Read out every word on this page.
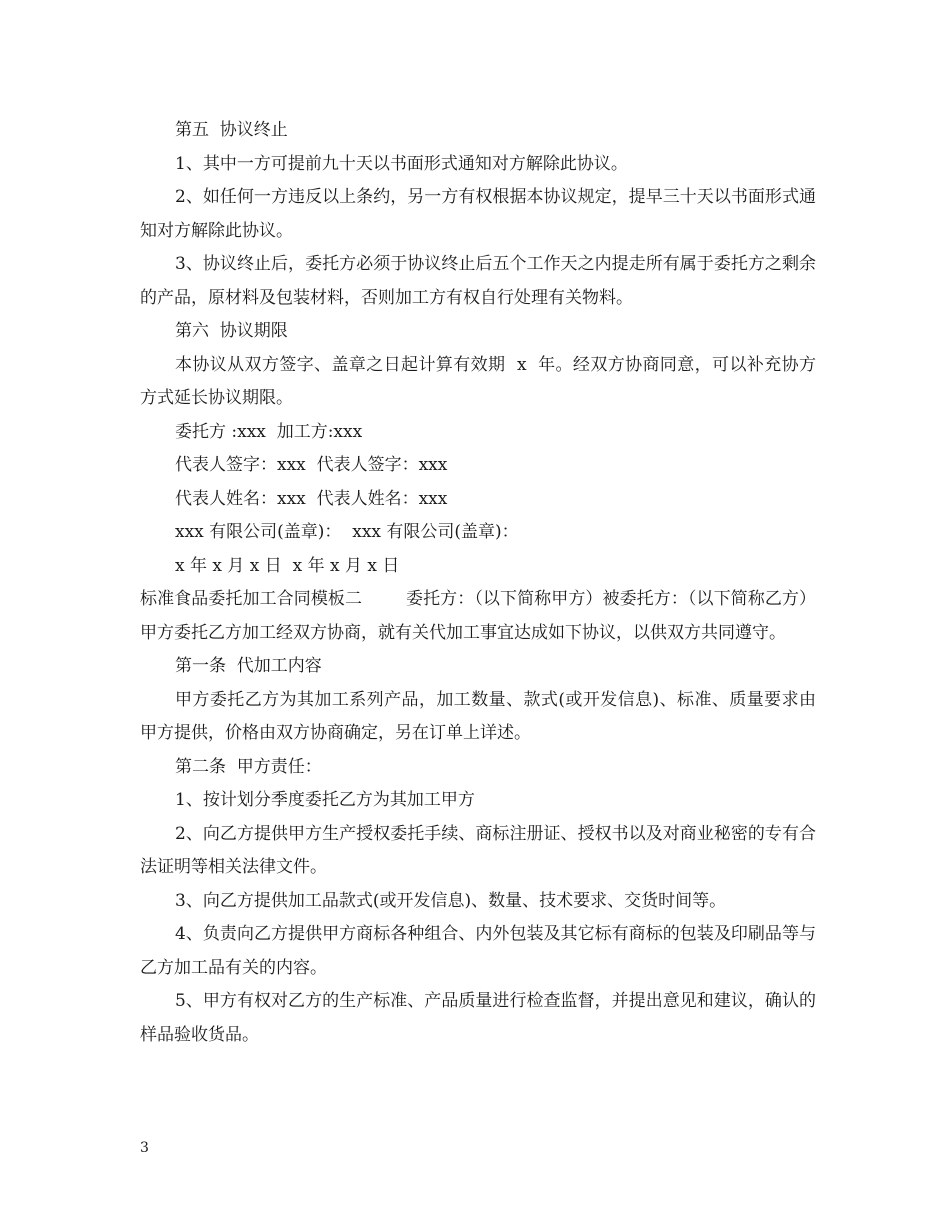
第五  协议终止

1、其中一方可提前九十天以书面形式通知对方解除此协议。

2、如任何一方违反以上条约，另一方有权根据本协议规定，提早三十天以书面形式通知对方解除此协议。

3、协议终止后，委托方必须于协议终止后五个工作天之内提走所有属于委托方之剩余的产品，原材料及包装材料，否则加工方有权自行处理有关物料。

第六  协议期限

本协议从双方签字、盖章之日起计算有效期  x  年。经双方协商同意，可以补充协方方式延长协议期限。

委托方 :xxx  加工方:xxx

代表人签字：xxx  代表人签字：xxx

代表人姓名：xxx  代表人姓名：xxx

xxx 有限公司(盖章)：  xxx 有限公司(盖章)：

x 年 x 月 x 日  x 年 x 月 x 日

标准食品委托加工合同模板二        委托方：（以下简称甲方）被委托方：（以下简称乙方）甲方委托乙方加工经双方协商，就有关代加工事宜达成如下协议，以供双方共同遵守。

第一条  代加工内容

甲方委托乙方为其加工系列产品，加工数量、款式(或开发信息)、标准、质量要求由甲方提供，价格由双方协商确定，另在订单上详述。

第二条  甲方责任：

1、按计划分季度委托乙方为其加工甲方

2、向乙方提供甲方生产授权委托手续、商标注册证、授权书以及对商业秘密的专有合法证明等相关法律文件。

3、向乙方提供加工品款式(或开发信息)、数量、技术要求、交货时间等。

4、负责向乙方提供甲方商标各种组合、内外包装及其它标有商标的包装及印刷品等与乙方加工品有关的内容。

5、甲方有权对乙方的生产标准、产品质量进行检查监督，并提出意见和建议，确认的样品验收货品。

3
